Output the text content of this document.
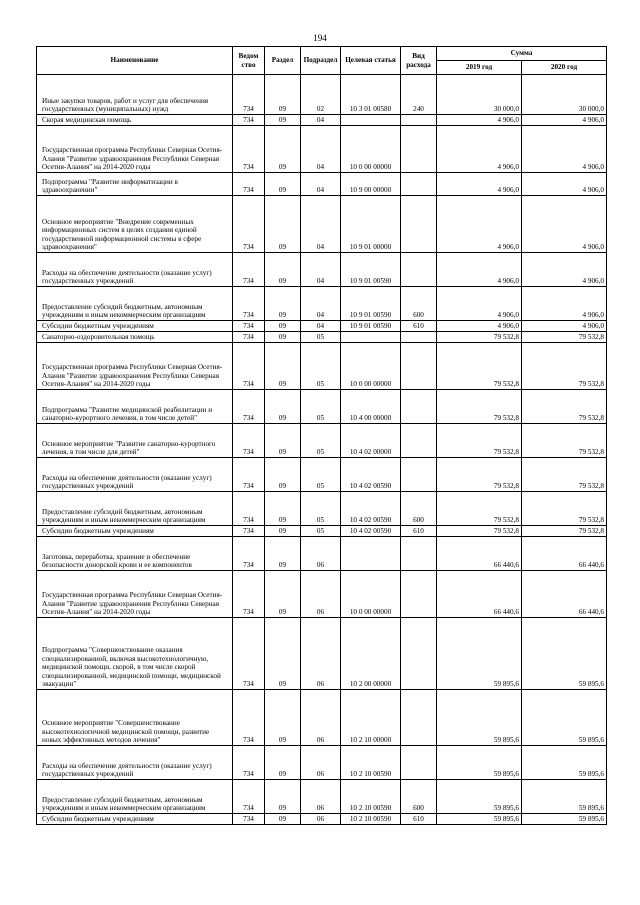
194
Наименование	Ведом ство	Раздел	Подраздел	Целевая статья	Вид расхода	Сумма	
						2019 год	2020 год
Иные закупки товаров, работ и услуг для обеспечения государственных (муниципальных) нужд	734	09	02	10 3 01 00580	240	30 000,0	30 000,0
Скорая медицинская помощь	734	09	04			4 906,0	4 906,0
Государственная программа Республики Северная Осетия-Алания "Развитие здравоохранения Республики Северная Осетия-Алания" на 2014-2020 годы	734	09	04	10 0 00 00000		4 906,0	4 906,0
Подпрограмма "Развитие информатизации в здравоохранении"	734	09	04	10 9 00 00000		4 906,0	4 906,0
Основное мероприятие "Внедрение современных информационных систем в целях создания единой государственной информационной системы в сфере здравоохранения"	734	09	04	10 9 01 00000		4 906,0	4 906,0
Расходы на обеспечение деятельности (оказание услуг) государственных учреждений	734	09	04	10 9 01 00590		4 906,0	4 906,0
Предоставление субсидий бюджетным, автономным учреждениям и иным некоммерческим организациям	734	09	04	10 9 01 00590	600	4 906,0	4 906,0
Субсидии бюджетным учреждениям	734	09	04	10 9 01 00590	610	4 906,0	4 906,0
Санаторно-оздоровительная помощь	734	09	05			79 532,8	79 532,8
Государственная программа Республики Северная Осетия-Алания "Развитие здравоохранения Республики Северная Осетия-Алания" на 2014-2020 годы	734	09	05	10 0 00 00000		79 532,8	79 532,8
Подпрограмма "Развитие медицинской реабилитации и санаторно-курортного лечения, в том числе детей"	734	09	05	10 4 00 00000		79 532,8	79 532,8
Основное мероприятие "Развитие санаторно-курортного лечения, в том числе для детей"	734	09	05	10 4 02 00000		79 532,8	79 532,8
Расходы на обеспечение деятельности (оказание услуг) государственных учреждений	734	09	05	10 4 02 00590		79 532,8	79 532,8
Предоставление субсидий бюджетным, автономным учреждениям и иным некоммерческим организациям	734	09	05	10 4 02 00590	600	79 532,8	79 532,8
Субсидии бюджетным учреждениям	734	09	05	10 4 02 00590	610	79 532,8	79 532,8
Заготовка, переработка, хранение и обеспечение безопасности донорской крови и ее компонентов	734	09	06			66 440,6	66 440,6
Государственная программа Республики Северная Осетия-Алания "Развитие здравоохранения Республики Северная Осетия-Алания" на 2014-2020 годы	734	09	06	10 0 00 00000		66 440,6	66 440,6
Подпрограмма "Совершенствование оказания специализированной, включая высокотехнологичную, медицинской помощи, скорой, в том числе скорой специализированной, медицинской помощи, медицинской эвакуации"	734	09	06	10 2 00 00000		59 895,6	59 895,6
Основное мероприятие "Совершенствование высокотехнологичной медицинской помощи, развитие новых эффективных методов лечения"	734	09	06	10 2 10 00000		59 895,6	59 895,6
Расходы на обеспечение деятельности (оказание услуг) государственных учреждений	734	09	06	10 2 10 00590		59 895,6	59 895,6
Предоставление субсидий бюджетным, автономным учреждениям и иным некоммерческим организациям	734	09	06	10 2 10 00590	600	59 895,6	59 895,6
Субсидии бюджетным учреждениям	734	09	06	10 2 10 00590	610	59 895,6	59 895,6
